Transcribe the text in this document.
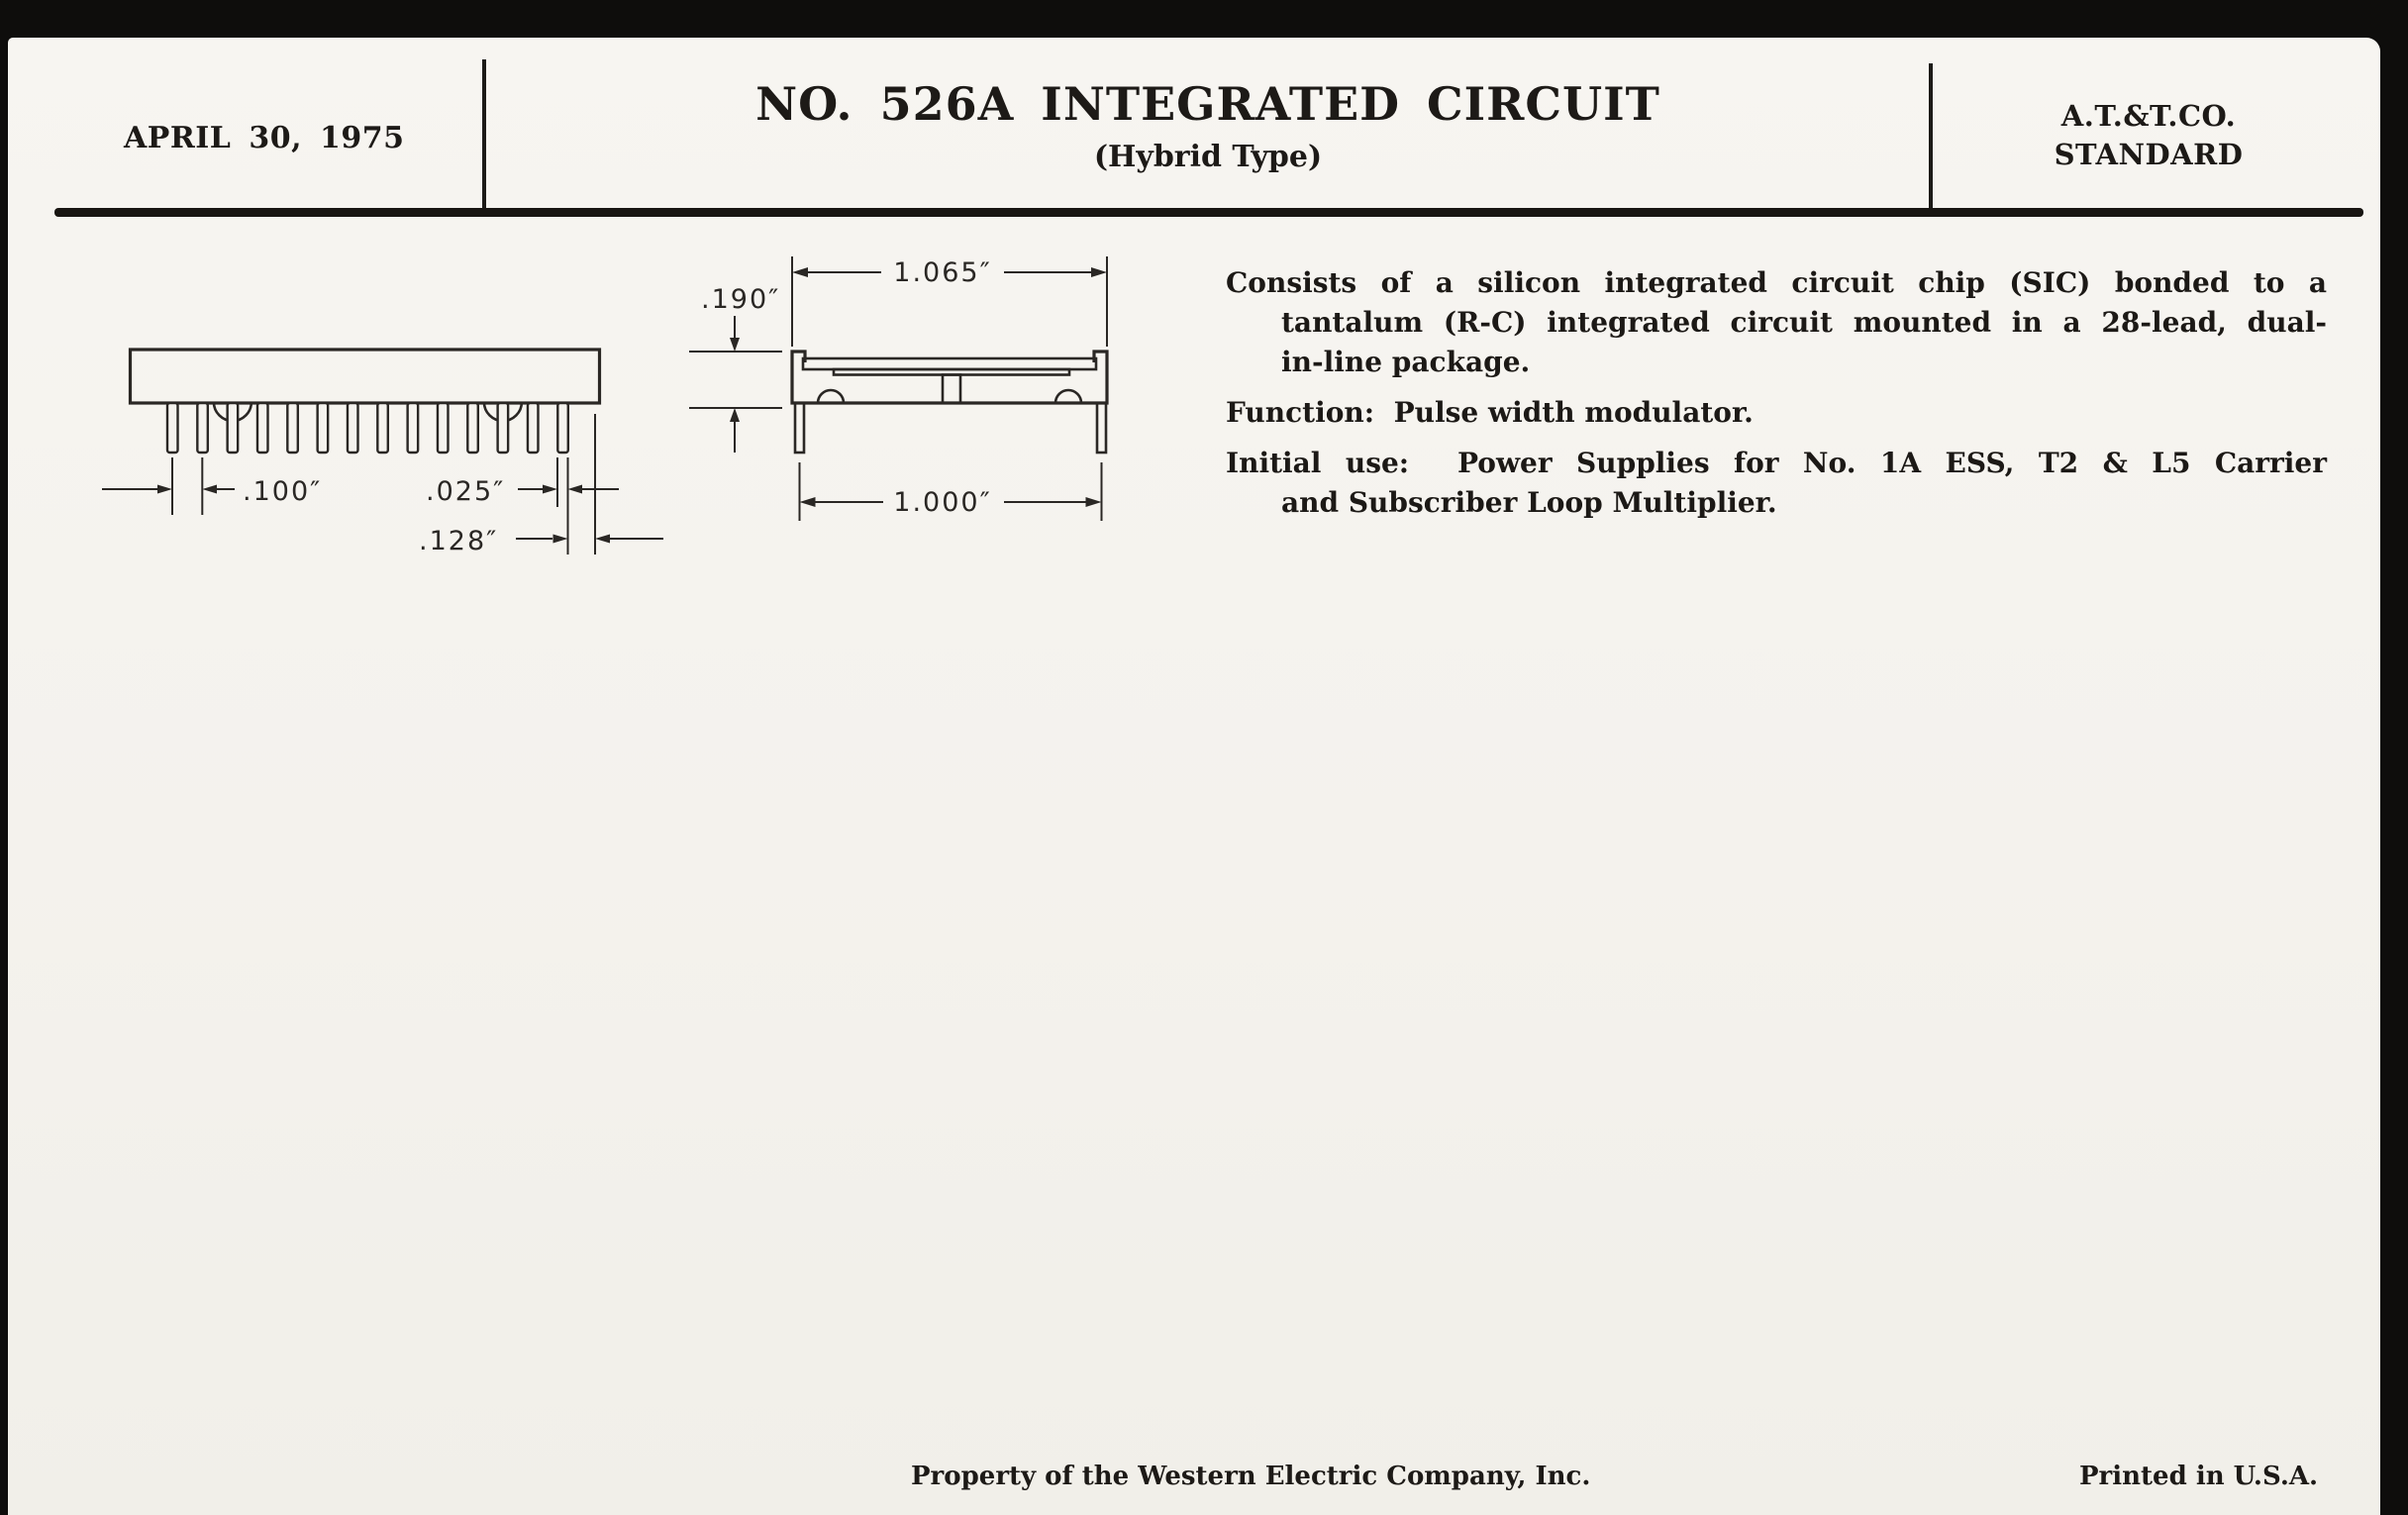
APRIL 30, 1975
NO. 526A INTEGRATED CIRCUIT
(Hybrid Type)
A.T.&T.CO.
STANDARD
.100″	.025″
.128″
1.065″
.190″
1.000″
Consists of a silicon integrated circuit chip (SIC) bonded to a
tantalum (R-C) integrated circuit mounted in a 28-lead, dual-
in-line package.
Function:  Pulse width modulator.
Initial use:  Power Supplies for No. 1A ESS, T2 & L5 Carrier
and Subscriber Loop Multiplier.
Property of the Western Electric Company, Inc.	Printed in U.S.A.
